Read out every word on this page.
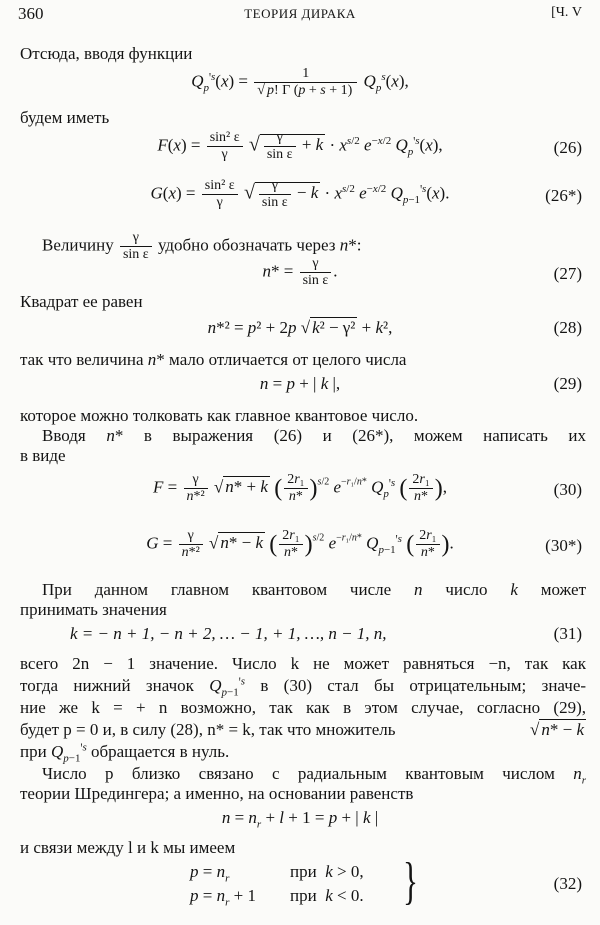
360	ТЕОРИЯ ДИРАКА	[Ч. V
Отсюда, вводя функции
$Q_p^{ꞌs}(x) = \frac{1}{√ p! \Gamma (p + s + 1)} Q_p^s(x)$,
будем иметь
$F(x) = \frac{\text{sin² ε}}{\gamma}$ √ $\frac{\gamma}{\text{sin ε}} + k \cdot x^{s/2}$ $e^{-x/2}$ $Q_p^{ꞌs}(x)$,	(26)
$G(x) = \frac{\text{sin² ε}}{\gamma}$ √ $\frac{\gamma}{\text{sin ε}} - k \cdot x^{s/2}$ $e^{-x/2}$ $Q_{p-1}^{ꞌs}(x)$.	(26*)
Величину $\frac{\gamma}{\text{sin ε}}$ удобно обозначать через n*:
$n* = \frac{\gamma}{\text{sin ε}}$ .	(27)
Квадрат ее равен
n*² = p² + 2p √ k² − γ² + k²,	(28)
так что величина n* мало отличается от целого числа
n = p + | k |,	(29)
которое можно толковать как главное квантовое число.
Вводя n* в выражения (26) и (26*), можем написать их
в виде
$F = \frac{\gamma}{\text{n*²}}$ √ n* + k ( $\frac{\text{2r₁}}{n*} )^{s/2}$ $e^{-r_1/n*}$ $Q_p^{ꞌs}$ ( $\frac{\text{2r₁}}{n*}$ ),	(30)
$G = \frac{\gamma}{\text{n*²}}$ √ n* − k ( $\frac{\text{2r₁}}{n*} )^{s/2}$ $e^{-r_1/n*}$ $Q_{p-1}^{ꞌs}$ ( $\frac{\text{2r₁}}{n*}$ ).	(30*)
При данном главном квантовом числе n число k может
принимать значения
k = − n + 1, − n + 2, … − 1, + 1, …, n − 1, n,	(31)
всего 2n − 1 значение. Число k не может равняться −n, так как
тогда нижний значок $Q_{p-1}^{ꞌs}$ в (30) стал бы отрицательным; значе-
ние же k = + n возможно, так как в этом случае, согласно (29),
будет p = 0 и, в силу (28), n* = k, так что множитель	√ n* − k
при $Q_{p-1}^{ꞌs}$ обращается в нуль.
Число p близко связано с радиальным квантовым числом $n_r$
теории Шредингера; а именно, на основании равенств
$n = n_r + l + 1 = p$ + | k |
и связи между l и k мы имеем
$p = n_r$	при k > 0,
$p = n_r + 1$ при k < 0. }	(32)
